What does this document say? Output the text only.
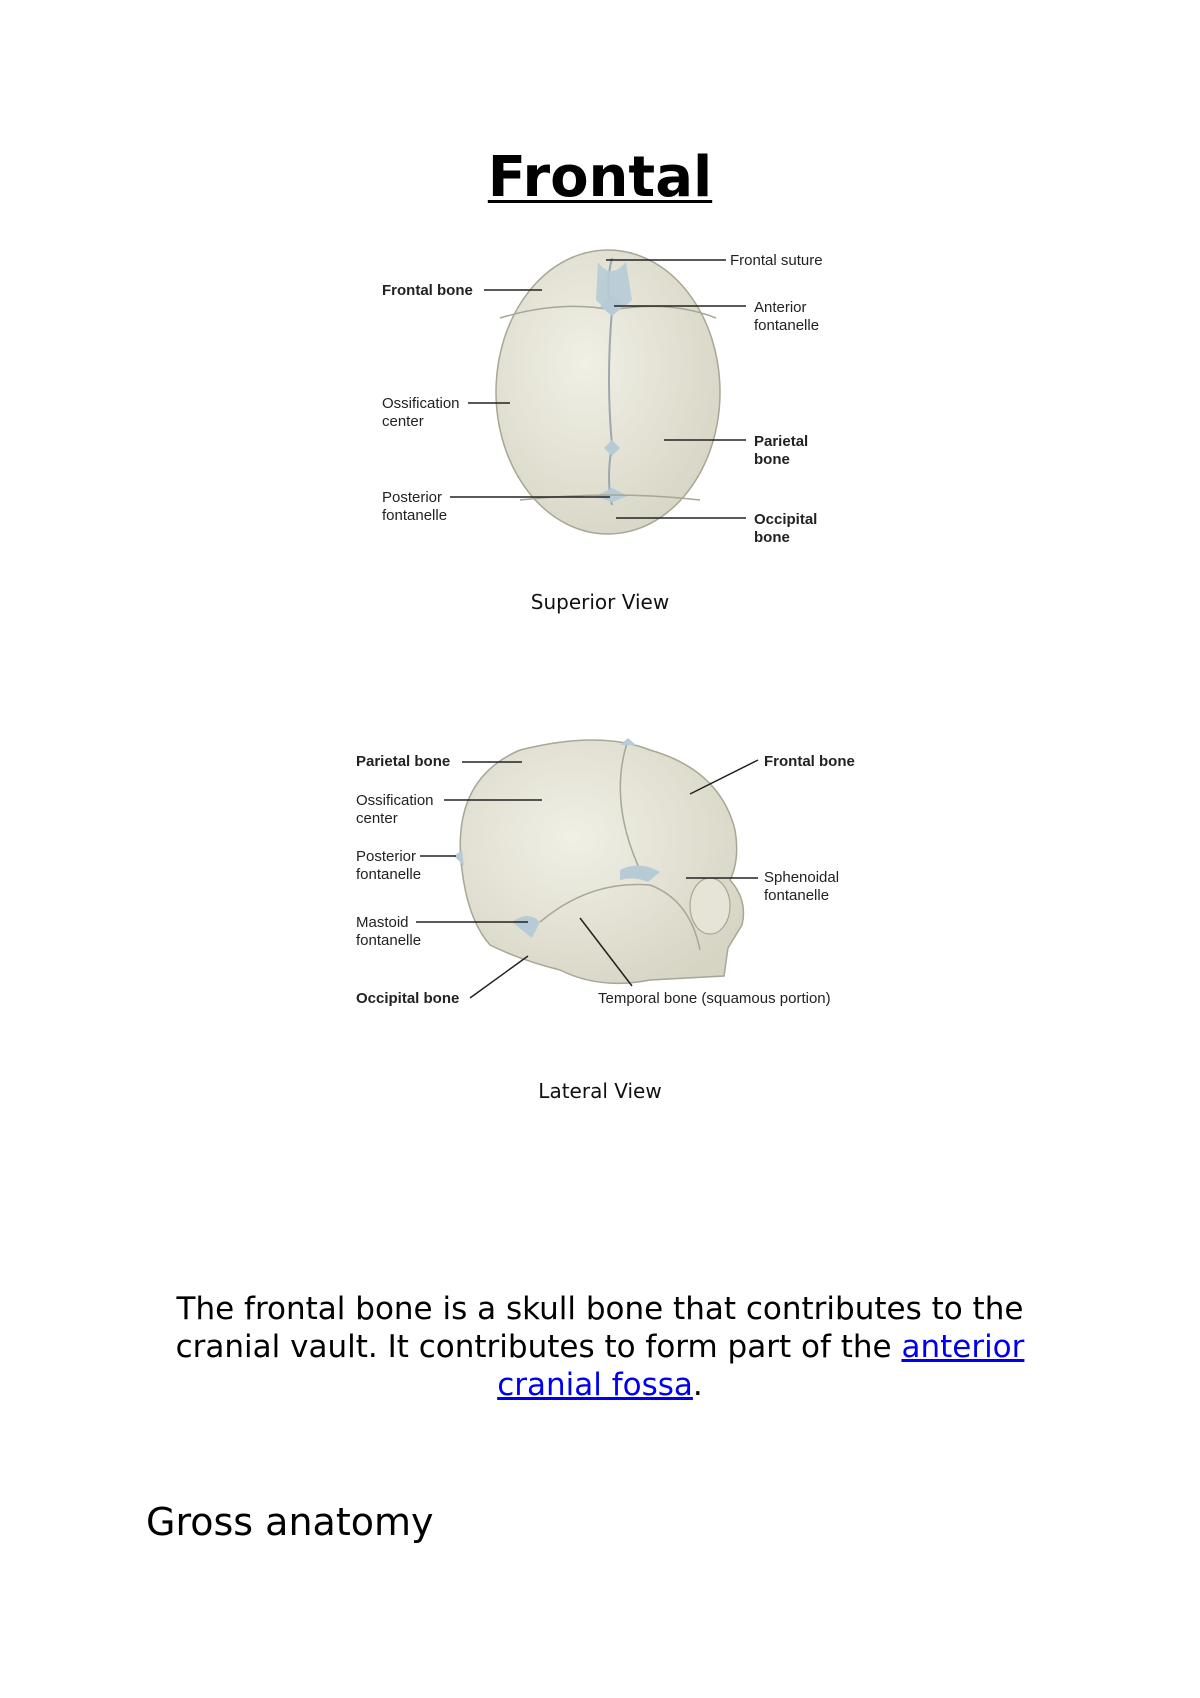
Frontal
Frontal suture
Frontal bone
Anterior
fontanelle
Ossification
center
Parietal
bone
Posterior
fontanelle	Occipital
bone
Superior View
Parietal bone	Frontal bone
Ossification
center
Posterior
fontanelle	Sphenoidal
fontanelle
Mastoid
fontanelle
Occipital bone	Temporal bone (squamous portion)
Lateral View

The frontal bone is a skull bone that contributes to the cranial vault. It contributes to form part of the anterior cranial fossa.

Gross anatomy
